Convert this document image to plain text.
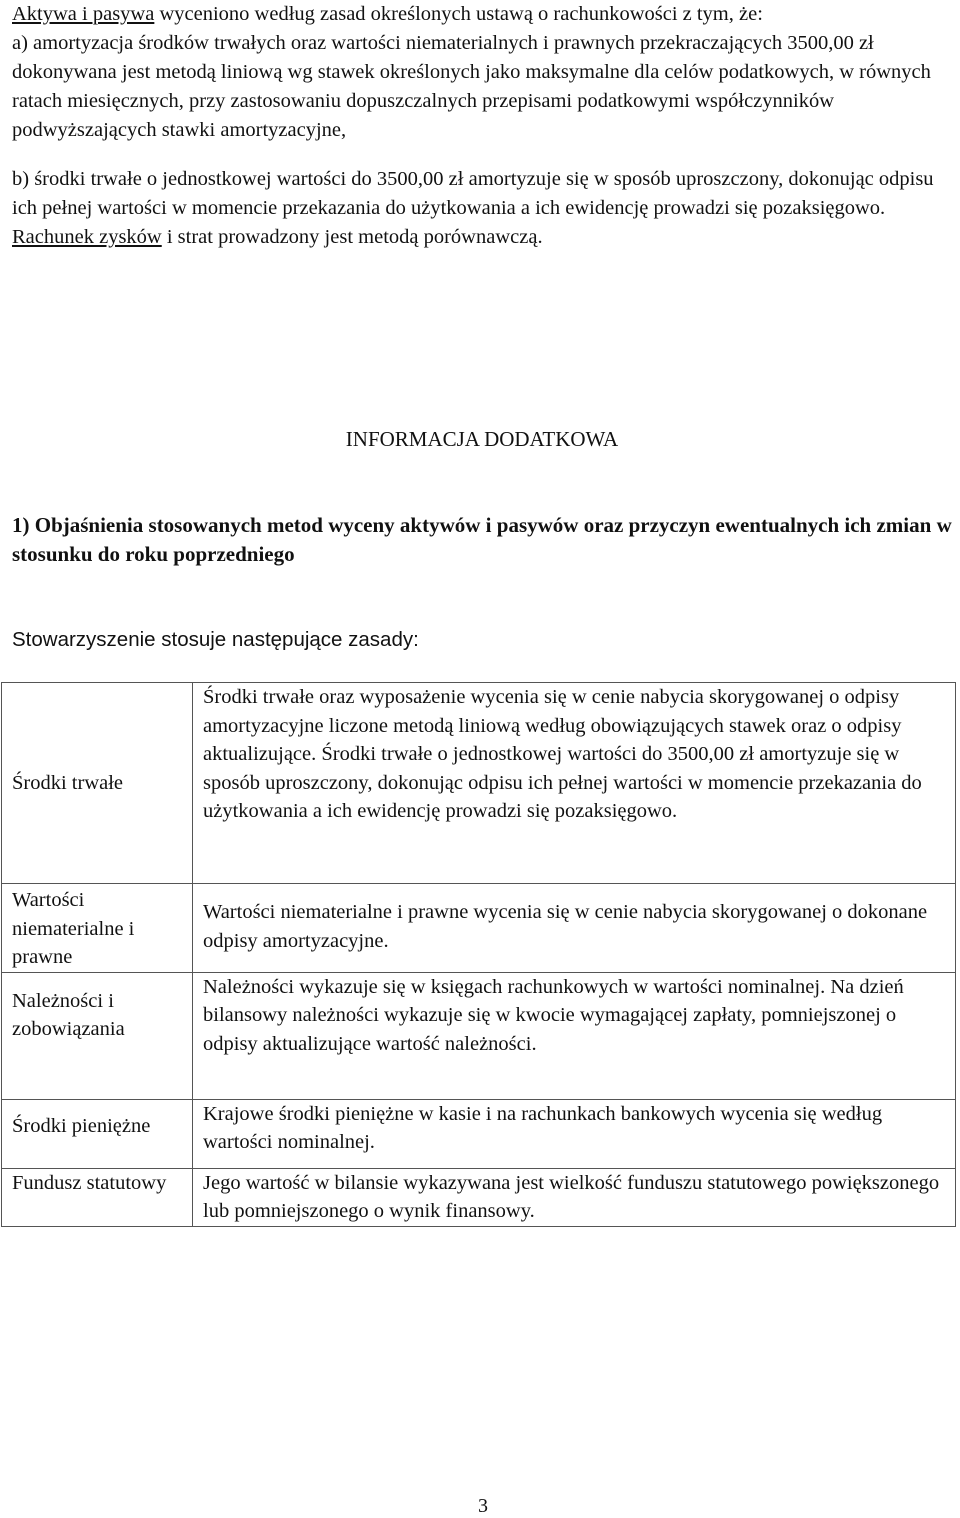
Aktywa i pasywa wyceniono według zasad określonych ustawą o rachunkowości z tym, że:

a) amortyzacja środków trwałych oraz wartości niematerialnych i prawnych przekraczających 3500,00 zł dokonywana jest metodą liniową wg stawek określonych jako maksymalne dla celów podatkowych, w równych ratach miesięcznych, przy zastosowaniu dopuszczalnych przepisami podatkowymi współczynników podwyższających stawki amortyzacyjne,

b) środki trwałe o jednostkowej wartości do 3500,00 zł amortyzuje się w sposób uproszczony, dokonując odpisu ich pełnej wartości w momencie przekazania do użytkowania a ich ewidencję prowadzi się pozaksięgowo.

Rachunek zysków i strat prowadzony jest metodą porównawczą.

INFORMACJA DODATKOWA
1) Objaśnienia stosowanych metod wyceny aktywów i pasywów oraz przyczyn ewentualnych ich zmian w stosunku do roku poprzedniego
Stowarzyszenie stosuje następujące zasady:
Środki trwałe	Środki trwałe oraz wyposażenie wycenia się w cenie nabycia skorygowanej o odpisy amortyzacyjne liczone metodą liniową według obowiązujących stawek oraz o odpisy aktualizujące. Środki trwałe o jednostkowej wartości do 3500,00 zł amortyzuje się w sposób uproszczony, dokonując odpisu ich pełnej wartości w momencie przekazania do użytkowania a ich ewidencję prowadzi się pozaksięgowo.
Wartości niematerialne i prawne	Wartości niematerialne i prawne wycenia się w cenie nabycia skorygowanej o dokonane odpisy amortyzacyjne.
Należności i zobowiązania	Należności wykazuje się w księgach rachunkowych w wartości nominalnej. Na dzień bilansowy należności wykazuje się w kwocie wymagającej zapłaty, pomniejszonej o odpisy aktualizujące wartość należności.
Środki pieniężne	Krajowe środki pieniężne w kasie i na rachunkach bankowych wycenia się według wartości nominalnej.
Fundusz statutowy	Jego wartość w bilansie wykazywana jest wielkość funduszu statutowego powiększonego lub pomniejszonego o wynik finansowy.
3
